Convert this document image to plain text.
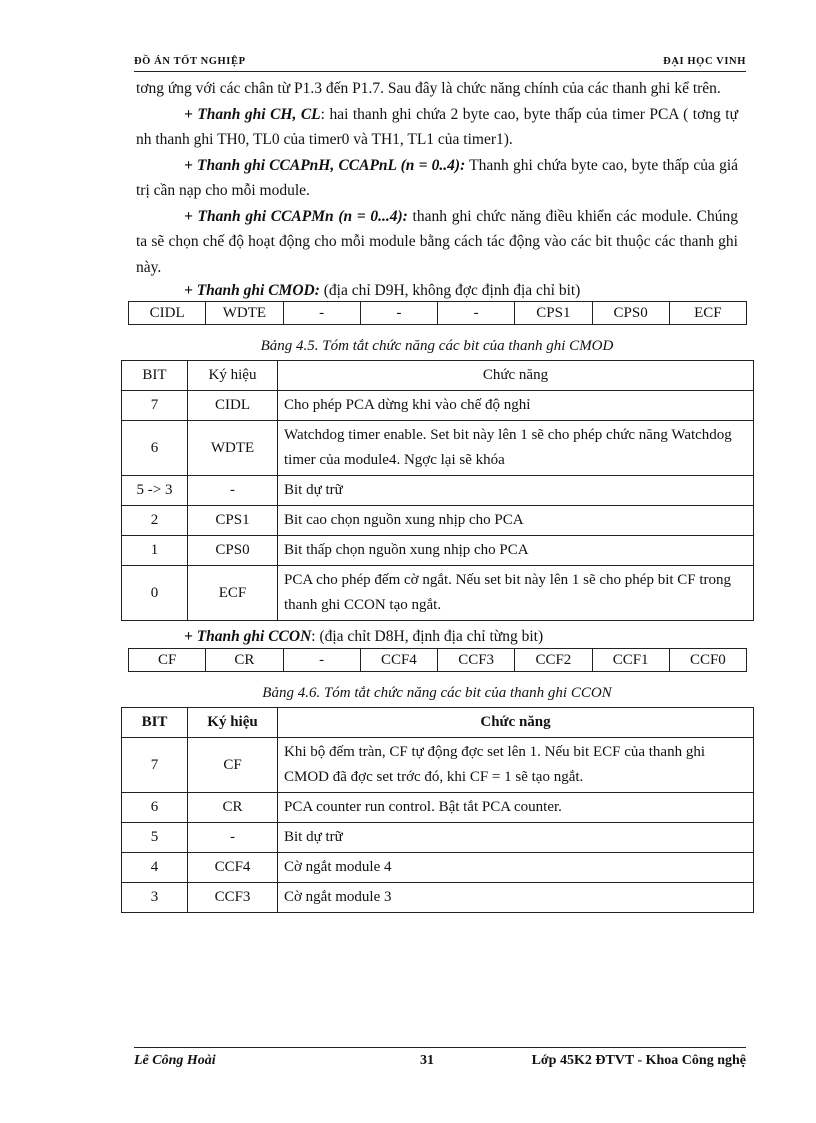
ĐỒ ÁN TỐT NGHIỆP	ĐẠI HỌC VINH

tơng ứng với các chân từ P1.3 đến P1.7. Sau đây là chức năng chính của các thanh ghi kể trên.

+ Thanh ghi CH, CL: hai thanh ghi chứa 2 byte cao, byte thấp của timer PCA ( tơng tự nh thanh ghi TH0, TL0 của timer0 và TH1, TL1 của timer1).

+ Thanh ghi CCAPnH, CCAPnL (n = 0..4): Thanh ghi chứa byte cao, byte thấp của giá trị cần nạp cho mỗi module.

+ Thanh ghi CCAPMn (n = 0...4): thanh ghi chức năng điều khiển các module. Chúng ta sẽ chọn chế độ hoạt động cho mỗi module bằng cách tác động vào các bit thuộc các thanh ghi này.

+ Thanh ghi CMOD: (địa chỉ D9H, không đợc định địa chỉ bit)

CIDL	WDTE	-	-	-	CPS1	CPS0	ECF
Bảng 4.5. Tóm tắt chức năng các bit của thanh ghi CMOD
BIT	Ký hiệu	Chức năng
7	CIDL	Cho phép PCA dừng khi vào chế độ nghỉ
6	WDTE	Watchdog timer enable. Set bit này lên 1 sẽ cho phép chức năng Watchdog timer của module4. Ngợc lại sẽ khóa
5 -> 3	-	Bit dự trữ
2	CPS1	Bit cao chọn nguồn xung nhịp cho PCA
1	CPS0	Bit thấp chọn nguồn xung nhịp cho PCA
0	ECF	PCA cho phép đếm cờ ngắt. Nếu set bit này lên 1 sẽ cho phép bit CF trong thanh ghi CCON tạo ngắt.

+ Thanh ghi CCON: (địa chỉt D8H, định địa chỉ từng bit)

CF	CR	-	CCF4	CCF3	CCF2	CCF1	CCF0
Bảng 4.6. Tóm tắt chức năng các bit của thanh ghi CCON
BIT	Ký hiệu	Chức năng
7	CF	Khi bộ đếm tràn, CF tự động đợc set lên 1. Nếu bit ECF của thanh ghi CMOD đã đợc set trớc đó, khi CF = 1 sẽ tạo ngắt.
6	CR	PCA counter run control. Bật tắt PCA counter.
5	-	Bit dự trữ
4	CCF4	Cờ ngắt module 4
3	CCF3	Cờ ngắt module 3
Lê Công Hoài	31	Lớp 45K2 ĐTVT - Khoa Công nghệ
